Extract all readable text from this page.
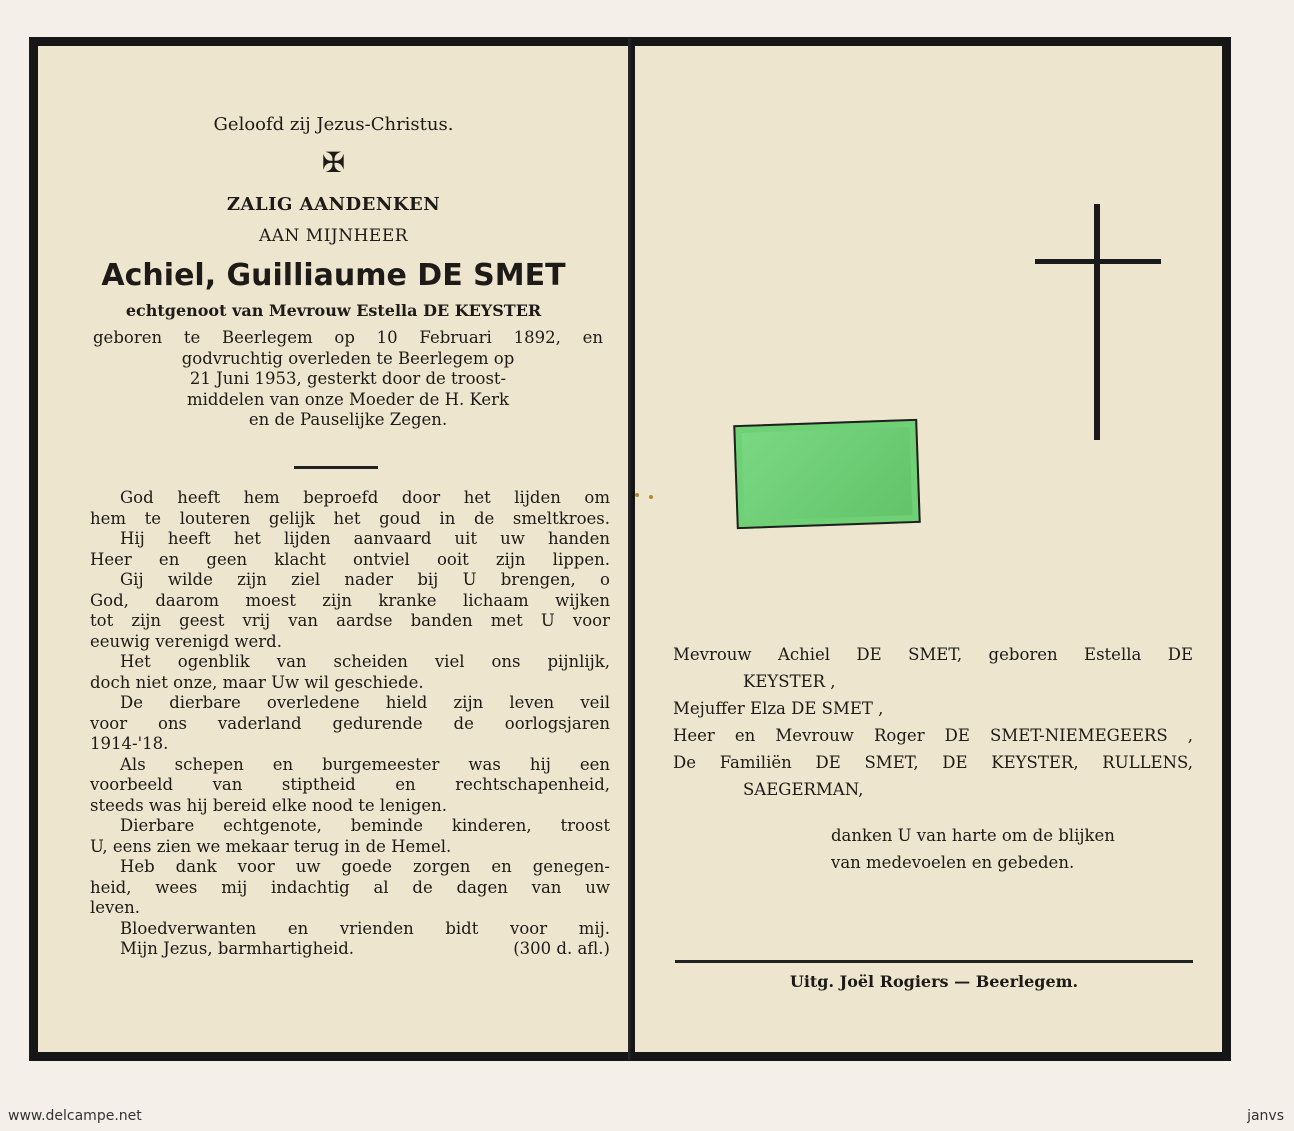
Geloofd zij Jezus-Christus.
✠
ZALIG AANDENKEN
AAN MIJNHEER
Achiel, Guilliaume DE SMET
echtgenoot van Mevrouw Estella DE KEYSTER
geboren te Beerlegem op 10 Februari 1892, en
godvruchtig overleden te Beerlegem op
21 Juni 1953, gesterkt door de troost-
middelen van onze Moeder de H. Kerk
en de Pauselijke Zegen.
God heeft hem beproefd door het lijden om
hem te louteren gelijk het goud in de smeltkroes.
Hij heeft het lijden aanvaard uit uw handen
Heer en geen klacht ontviel ooit zijn lippen.
Gij wilde zijn ziel nader bij U brengen, o
God, daarom moest zijn kranke lichaam wijken
tot zijn geest vrij van aardse banden met U voor
eeuwig verenigd werd.
Het ogenblik van scheiden viel ons pijnlijk,
doch niet onze, maar Uw wil geschiede.
De dierbare overledene hield zijn leven veil
voor ons vaderland gedurende de oorlogsjaren
1914-'18.
Als schepen en burgemeester was hij een
voorbeeld van stiptheid en rechtschapenheid,
steeds was hij bereid elke nood te lenigen.
Dierbare echtgenote, beminde kinderen, troost
U, eens zien we mekaar terug in de Hemel.
Heb dank voor uw goede zorgen en genegen-
heid, wees mij indachtig al de dagen van uw
leven.
Bloedverwanten en vrienden bidt voor mij.
Mijn Jezus, barmhartigheid.	(300 d. afl.)
Mevrouw Achiel DE SMET, geboren Estella DE
KEYSTER ,
Mejuffer Elza DE SMET ,
Heer en Mevrouw Roger DE SMET-NIEMEGEERS ,
De Familiën DE SMET, DE KEYSTER, RULLENS,
SAEGERMAN,
danken U van harte om de blijken
van medevoelen en gebeden.
Uitg. Joël Rogiers — Beerlegem.
www.delcampe.net	janvs
